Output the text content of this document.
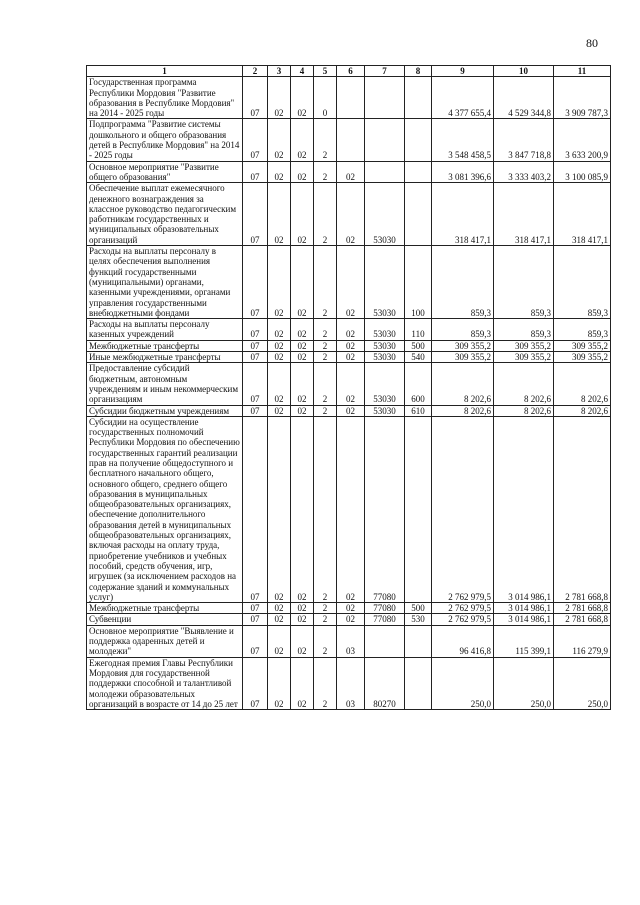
80
1	2	3	4	5	6	7	8	9	10	11
Государственная программа Республики Мордовия "Развитие образования в Республике Мордовия" на 2014 - 2025 годы	07	02	02	0				4 377 655,4	4 529 344,8	3 909 787,3
Подпрограмма "Развитие системы дошкольного и общего образования детей в Республике Мордовия" на 2014 - 2025 годы	07	02	02	2				3 548 458,5	3 847 718,8	3 633 200,9
Основное мероприятие "Развитие общего образования"	07	02	02	2	02			3 081 396,6	3 333 403,2	3 100 085,9
Обеспечение выплат ежемесячного денежного вознаграждения за классное руководство педагогическим работникам государственных и муниципальных образовательных организаций	07	02	02	2	02	53030		318 417,1	318 417,1	318 417,1
Расходы на выплаты персоналу в целях обеспечения выполнения функций государственными (муниципальными) органами, казенными учреждениями, органами управления государственными внебюджетными фондами	07	02	02	2	02	53030	100	859,3	859,3	859,3
Расходы на выплаты персоналу казенных учреждений	07	02	02	2	02	53030	110	859,3	859,3	859,3
Межбюджетные трансферты	07	02	02	2	02	53030	500	309 355,2	309 355,2	309 355,2
Иные межбюджетные трансферты	07	02	02	2	02	53030	540	309 355,2	309 355,2	309 355,2
Предоставление субсидий бюджетным, автономным учреждениям и иным некоммерческим организациям	07	02	02	2	02	53030	600	8 202,6	8 202,6	8 202,6
Субсидии бюджетным учреждениям	07	02	02	2	02	53030	610	8 202,6	8 202,6	8 202,6
Субсидии на осуществление государственных полномочий Республики Мордовия по обеспечению государственных гарантий реализации прав на получение общедоступного и бесплатного начального общего, основного общего, среднего общего образования в муниципальных общеобразовательных организациях, обеспечение дополнительного образования детей в муниципальных общеобразовательных организациях, включая расходы на оплату труда, приобретение учебников и учебных пособий, средств обучения, игр, игрушек (за исключением расходов на содержание зданий и коммунальных услуг)	07	02	02	2	02	77080		2 762 979,5	3 014 986,1	2 781 668,8
Межбюджетные трансферты	07	02	02	2	02	77080	500	2 762 979,5	3 014 986,1	2 781 668,8
Субвенции	07	02	02	2	02	77080	530	2 762 979,5	3 014 986,1	2 781 668,8
Основное мероприятие "Выявление и поддержка одаренных детей и молодежи"	07	02	02	2	03			96 416,8	115 399,1	116 279,9
Ежегодная премия Главы Республики Мордовия для государственной поддержки способной и талантливой молодежи образовательных организаций в возрасте от 14 до 25 лет	07	02	02	2	03	80270		250,0	250,0	250,0
